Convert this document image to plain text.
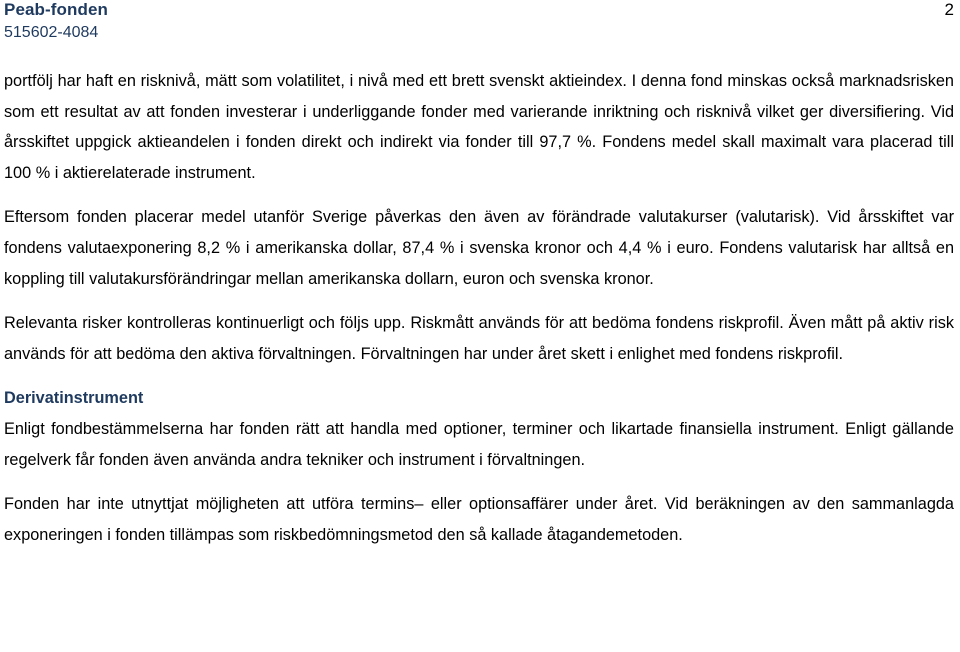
Peab-fonden
515602-4084
2

portfölj har haft en risknivå, mätt som volatilitet, i nivå med ett brett svenskt aktieindex. I denna fond minskas också marknadsrisken som ett resultat av att fonden investerar i underliggande fonder med varierande inriktning och risknivå vilket ger diversifiering. Vid årsskiftet uppgick aktieandelen i fonden direkt och indirekt via fonder till 97,7 %. Fondens medel skall maximalt vara placerad till 100 % i aktierelaterade instrument.

Eftersom fonden placerar medel utanför Sverige påverkas den även av förändrade valutakurser (valutarisk). Vid årsskiftet var fondens valutaexponering 8,2 % i amerikanska dollar, 87,4 % i svenska kronor och 4,4 % i euro. Fondens valutarisk har alltså en koppling till valutakursförändringar mellan amerikanska dollarn, euron och svenska kronor.

Relevanta risker kontrolleras kontinuerligt och följs upp. Riskmått används för att bedöma fondens riskprofil. Även mått på aktiv risk används för att bedöma den aktiva förvaltningen. Förvaltningen har under året skett i enlighet med fondens riskprofil.

Derivatinstrument

Enligt fondbestämmelserna har fonden rätt att handla med optioner, terminer och likartade finansiella instrument. Enligt gällande regelverk får fonden även använda andra tekniker och instrument i förvaltningen.

Fonden har inte utnyttjat möjligheten att utföra termins– eller optionsaffärer under året. Vid beräkningen av den sammanlagda exponeringen i fonden tillämpas som riskbedömningsmetod den så kallade åtagandemetoden.
